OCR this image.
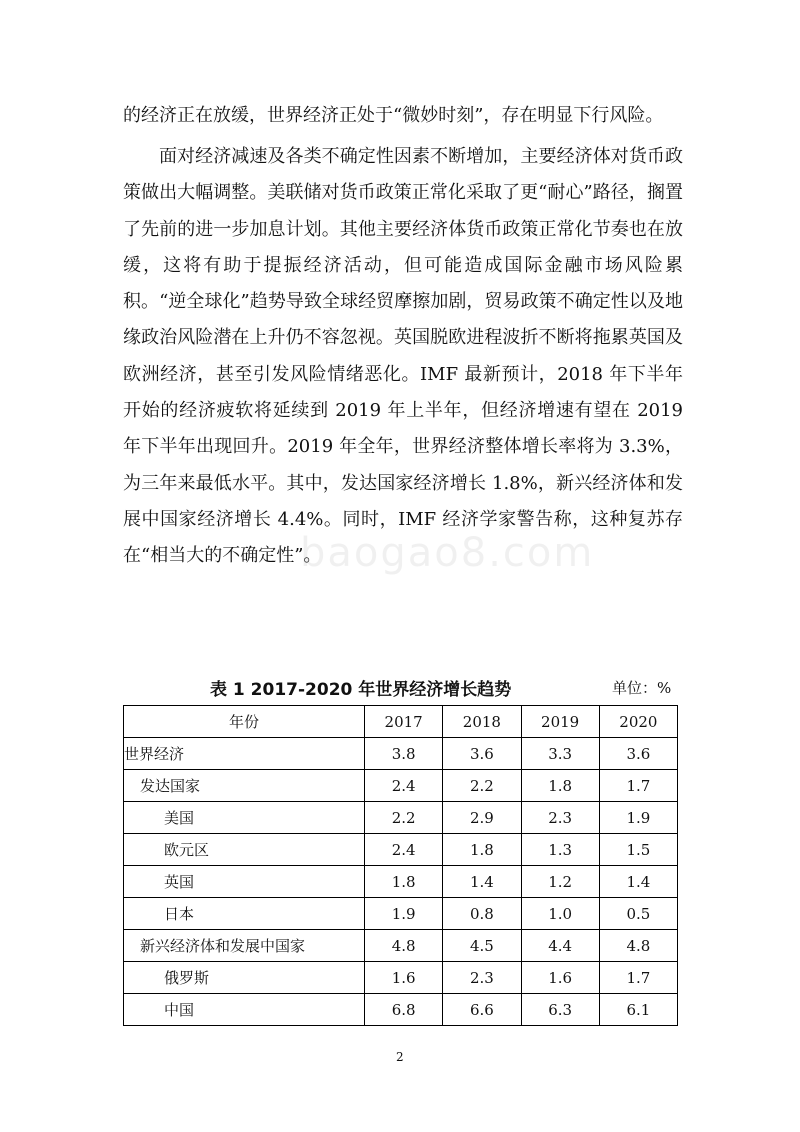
的经济正在放缓，世界经济正处于“微妙时刻”，存在明显下行风险。

面对经济减速及各类不确定性因素不断增加，主要经济体对货币政策做出大幅调整。美联储对货币政策正常化采取了更“耐心”路径，搁置了先前的进一步加息计划。其他主要经济体货币政策正常化节奏也在放缓，这将有助于提振经济活动，但可能造成国际金融市场风险累积。“逆全球化”趋势导致全球经贸摩擦加剧，贸易政策不确定性以及地缘政治风险潜在上升仍不容忽视。英国脱欧进程波折不断将拖累英国及欧洲经济，甚至引发风险情绪恶化。IMF 最新预计，2018 年下半年开始的经济疲软将延续到 2019 年上半年，但经济增速有望在 2019 年下半年出现回升。2019 年全年，世界经济整体增长率将为 3.3%，为三年来最低水平。其中，发达国家经济增长 1.8%，新兴经济体和发展中国家经济增长 4.4%。同时，IMF 经济学家警告称，这种复苏存在“相当大的不确定性”。

baogao8.com
表 1 2017-2020 年世界经济增长趋势	单位：%
年份	2017	2018	2019	2020
世界经济	3.8	3.6	3.3	3.6
发达国家	2.4	2.2	1.8	1.7
美国	2.2	2.9	2.3	1.9
欧元区	2.4	1.8	1.3	1.5
英国	1.8	1.4	1.2	1.4
日本	1.9	0.8	1.0	0.5
新兴经济体和发展中国家	4.8	4.5	4.4	4.8
俄罗斯	1.6	2.3	1.6	1.7
中国	6.8	6.6	6.3	6.1
2
